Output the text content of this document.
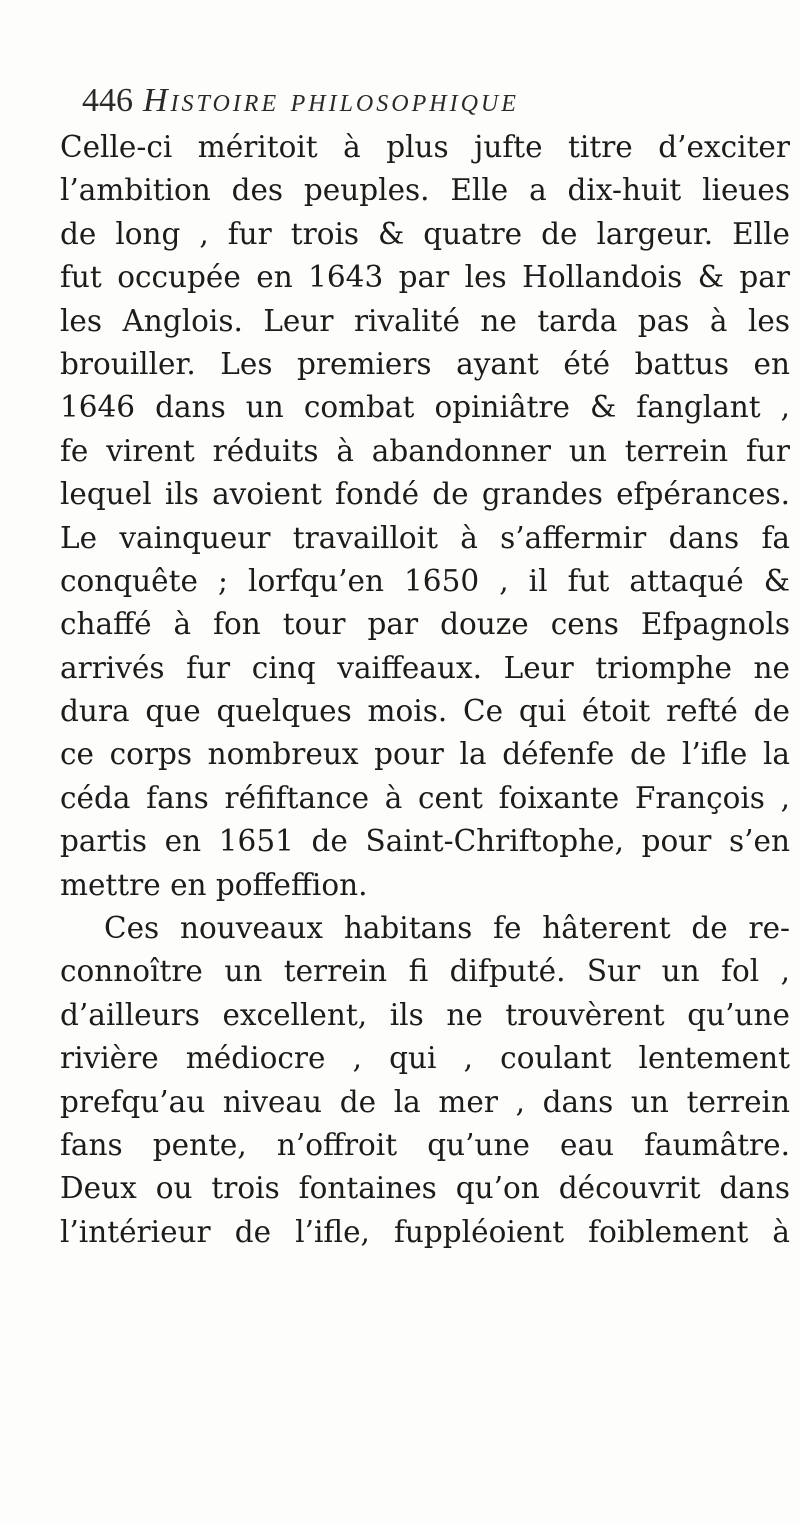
446 Histoire philosophique
Celle-ci méritoit à plus jufte titre d’exciter
l’ambition des peuples. Elle a dix-huit lieues
de long , fur trois & quatre de largeur. Elle
fut occupée en 1643 par les Hollandois & par
les Anglois. Leur rivalité ne tarda pas à les
brouiller. Les premiers ayant été battus en
1646 dans un combat opiniâtre & fanglant ,
fe virent réduits à abandonner un terrein fur
lequel ils avoient fondé de grandes efpérances.
Le vainqueur travailloit à s’affermir dans fa
conquête ; lorfqu’en 1650 , il fut attaqué &
chaffé à fon tour par douze cens Efpagnols
arrivés fur cinq vaiffeaux. Leur triomphe ne
dura que quelques mois. Ce qui étoit refté de
ce corps nombreux pour la défenfe de l’ifle la
céda fans réfiftance à cent foixante François ,
partis en 1651 de Saint-Chriftophe, pour s’en
mettre en poffeffion.
Ces nouveaux habitans fe hâterent de re-
connoître un terrein fi difputé. Sur un fol ,
d’ailleurs excellent, ils ne trouvèrent qu’une
rivière médiocre , qui , coulant lentement
prefqu’au niveau de la mer , dans un terrein
fans pente, n’offroit qu’une eau faumâtre.
Deux ou trois fontaines qu’on découvrit dans
l’intérieur de l’ifle, fuppléoient foiblement à
